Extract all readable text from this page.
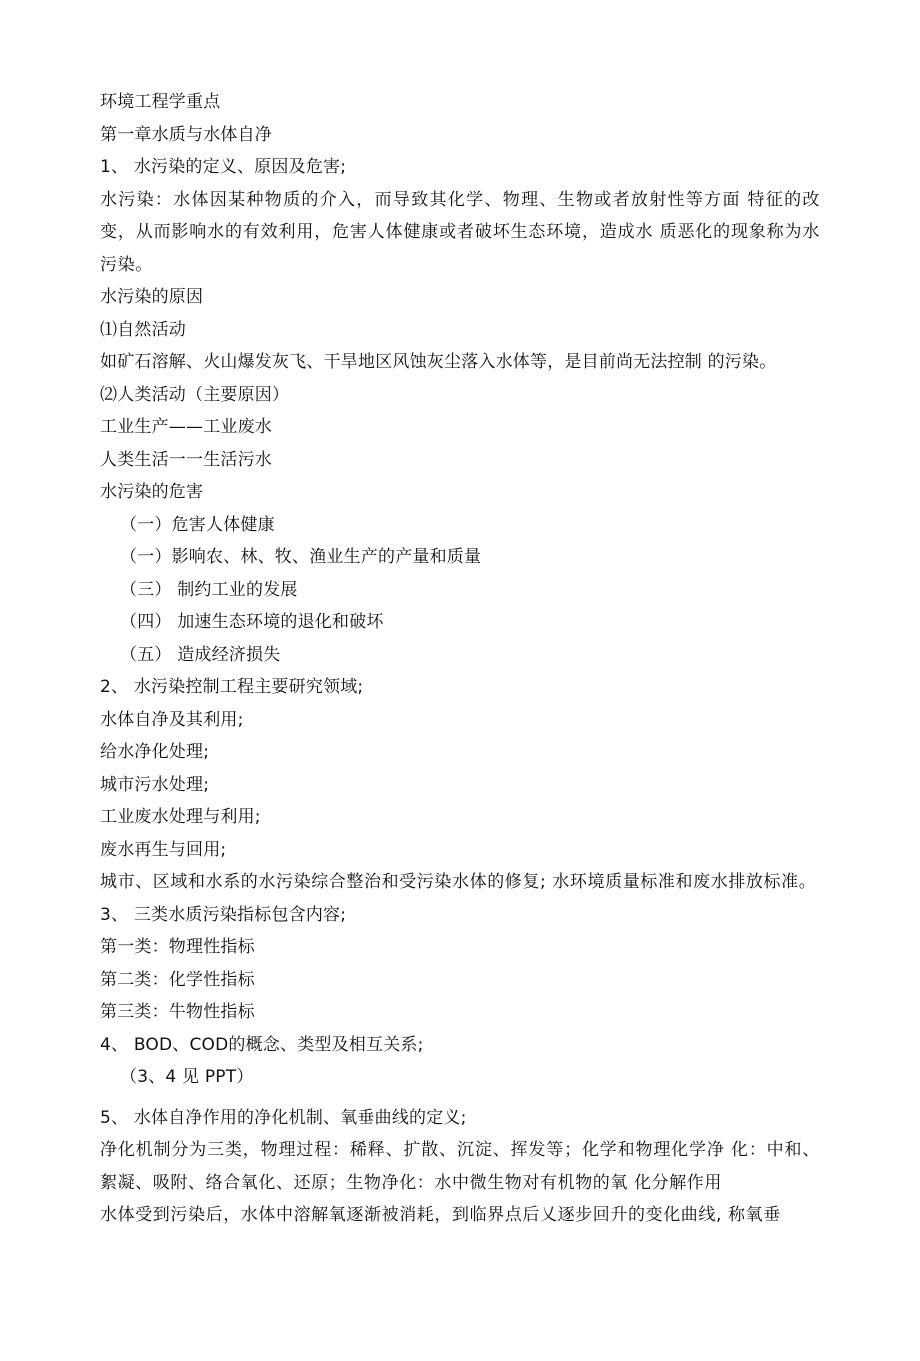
环境工程学重点
第一章水质与水体自净
1、 水污染的定义、原因及危害;
水污染：水体因某种物质的介入，而导致其化学、物理、生物或者放射性等方面 特征的改变，从而影响水的有效利用，危害人体健康或者破坏生态环境，造成水 质恶化的现象称为水污染。
水污染的原因
⑴自然活动
如矿石溶解、火山爆发灰飞、干旱地区风蚀灰尘落入水体等，是目前尚无法控制 的污染。
⑵人类活动（主要原因）
工业生产——工业废水
人类生活一一生活污水
水污染的危害
（一）危害人体健康
（一）影响农、林、牧、渔业生产的产量和质量
（三） 制约工业的发展
（四） 加速生态环境的退化和破坏
（五） 造成经济损失
2、 水污染控制工程主要研究领域;
水体自净及其利用;
给水净化处理;
城市污水处理;
工业废水处理与利用;
废水再生与回用;
城市、区域和水系的水污染综合整治和受污染水体的修复; 水环境质量标准和废水排放标准。
3、 三类水质污染指标包含内容;
第一类：物理性指标
第二类：化学性指标
第三类：牛物性指标
4、 BOD、COD的概念、类型及相互关系;
（3、4 见 PPT）
5、 水体自净作用的净化机制、氧垂曲线的定义;
净化机制分为三类，物理过程：稀释、扩散、沉淀、挥发等；化学和物理化学净 化：中和、絮凝、吸附、络合氧化、还原；生物净化：水中微生物对有机物的氧 化分解作用
水体受到污染后，水体中溶解氧逐渐被消耗，到临界点后乂逐步回升的变化曲线, 称氧垂
